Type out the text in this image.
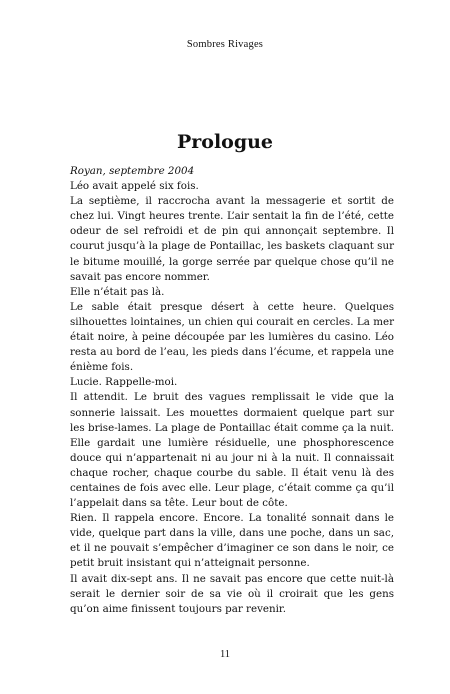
Sombres Rivages
Prologue

Royan, septembre 2004

Léo avait appelé six fois.

La septième, il raccrocha avant la messagerie et sortit de chez lui. Vingt heures trente. L’air sentait la fin de l’été, cette odeur de sel refroidi et de pin qui annonçait septembre. Il courut jusqu’à la plage de Pontaillac, les baskets claquant sur le bitume mouillé, la gorge serrée par quelque chose qu’il ne savait pas encore nommer.

Elle n’était pas là.

Le sable était presque désert à cette heure. Quelques silhouettes lointaines, un chien qui courait en cercles. La mer était noire, à peine découpée par les lumières du casino. Léo resta au bord de l’eau, les pieds dans l’écume, et rappela une énième fois.

Lucie. Rappelle-moi.

Il attendit. Le bruit des vagues remplissait le vide que la sonnerie laissait. Les mouettes dormaient quelque part sur les brise-lames. La plage de Pontaillac était comme ça la nuit. Elle gardait une lumière résiduelle, une phosphorescence douce qui n’appartenait ni au jour ni à la nuit. Il connaissait chaque rocher, chaque courbe du sable. Il était venu là des centaines de fois avec elle. Leur plage, c’était comme ça qu’il l’appelait dans sa tête. Leur bout de côte.

Rien. Il rappela encore. Encore. La tonalité sonnait dans le vide, quelque part dans la ville, dans une poche, dans un sac, et il ne pouvait s’empêcher d’imaginer ce son dans le noir, ce petit bruit insistant qui n’atteignait personne.

Il avait dix-sept ans. Il ne savait pas encore que cette nuit-là serait le dernier soir de sa vie où il croirait que les gens qu’on aime finissent toujours par revenir.

11
